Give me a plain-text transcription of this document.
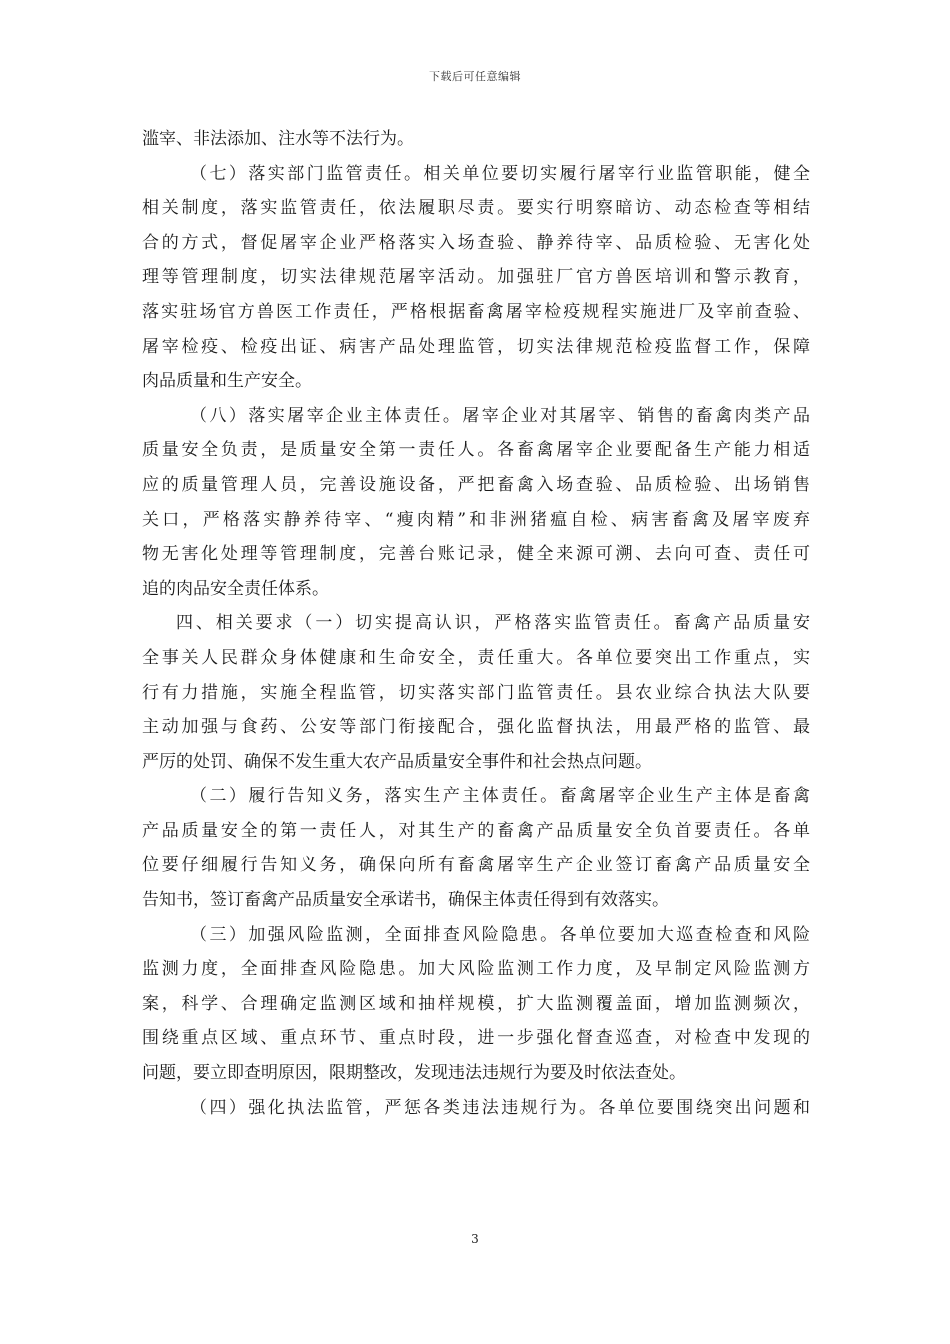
下载后可任意编辑
滥宰、非法添加、注水等不法行为。
（七）落实部门监管责任。相关单位要切实履行屠宰行业监管职能，健全
相关制度，落实监管责任，依法履职尽责。要实行明察暗访、动态检查等相结
合的方式，督促屠宰企业严格落实入场查验、静养待宰、品质检验、无害化处
理等管理制度，切实法律规范屠宰活动。加强驻厂官方兽医培训和警示教育，
落实驻场官方兽医工作责任，严格根据畜禽屠宰检疫规程实施进厂及宰前查验、
屠宰检疫、检疫出证、病害产品处理监管，切实法律规范检疫监督工作，保障
肉品质量和生产安全。
（八）落实屠宰企业主体责任。屠宰企业对其屠宰、销售的畜禽肉类产品
质量安全负责，是质量安全第一责任人。各畜禽屠宰企业要配备生产能力相适
应的质量管理人员，完善设施设备，严把畜禽入场查验、品质检验、出场销售
关口，严格落实静养待宰、“瘦肉精”和非洲猪瘟自检、病害畜禽及屠宰废弃
物无害化处理等管理制度，完善台账记录，健全来源可溯、去向可查、责任可
追的肉品安全责任体系。
四、相关要求（一）切实提高认识，严格落实监管责任。畜禽产品质量安
全事关人民群众身体健康和生命安全，责任重大。各单位要突出工作重点，实
行有力措施，实施全程监管，切实落实部门监管责任。县农业综合执法大队要
主动加强与食药、公安等部门衔接配合，强化监督执法，用最严格的监管、最
严厉的处罚、确保不发生重大农产品质量安全事件和社会热点问题。
（二）履行告知义务，落实生产主体责任。畜禽屠宰企业生产主体是畜禽
产品质量安全的第一责任人，对其生产的畜禽产品质量安全负首要责任。各单
位要仔细履行告知义务，确保向所有畜禽屠宰生产企业签订畜禽产品质量安全
告知书，签订畜禽产品质量安全承诺书，确保主体责任得到有效落实。
（三）加强风险监测，全面排查风险隐患。各单位要加大巡查检查和风险
监测力度，全面排查风险隐患。加大风险监测工作力度，及早制定风险监测方
案，科学、合理确定监测区域和抽样规模，扩大监测覆盖面，增加监测频次，
围绕重点区域、重点环节、重点时段，进一步强化督查巡查，对检查中发现的
问题，要立即查明原因，限期整改，发现违法违规行为要及时依法查处。
（四）强化执法监管，严惩各类违法违规行为。各单位要围绕突出问题和
3
